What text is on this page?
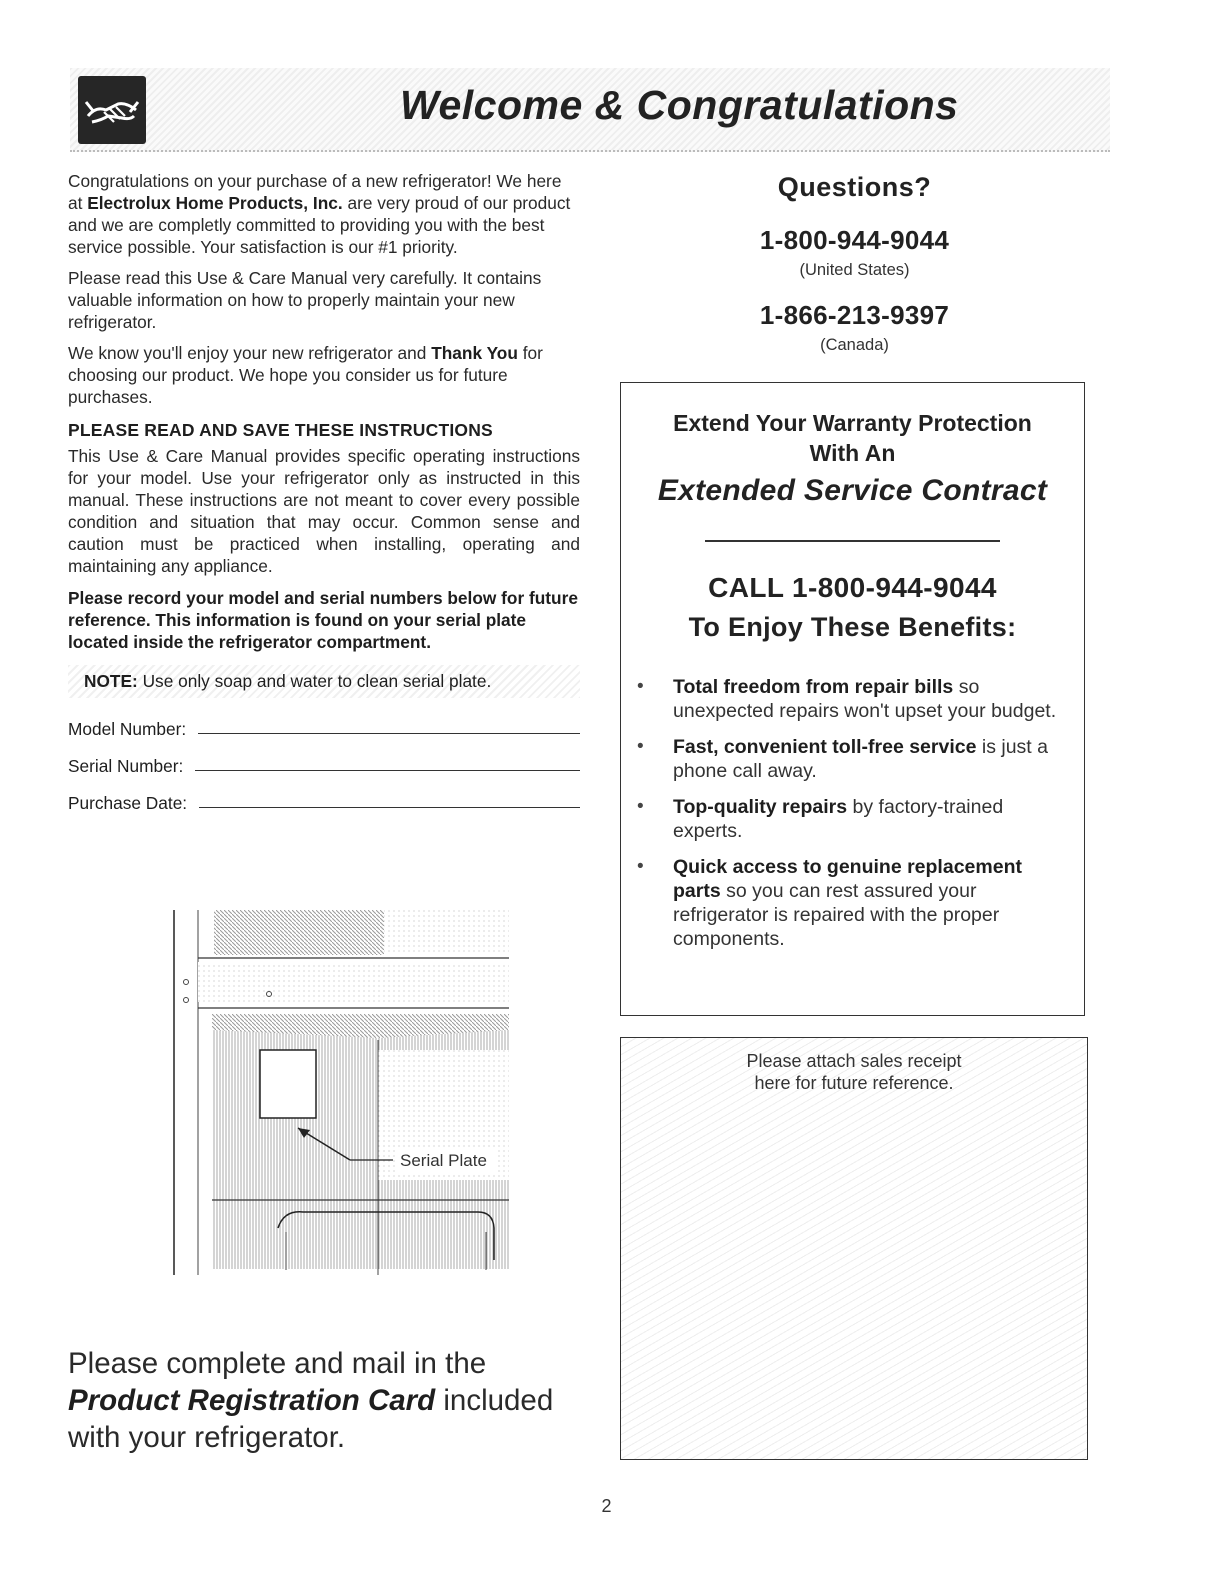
Welcome & Congratulations

Congratulations on your purchase of a new refrigerator! We here at Electrolux Home Products, Inc. are very proud of our product and we are completly committed to providing you with the best service possible. Your satisfaction is our #1 priority.

Please read this Use & Care Manual very carefully. It contains valuable information on how to properly maintain your new refrigerator.

We know you'll enjoy your new refrigerator and Thank You for choosing our product. We hope you consider us for future purchases.

PLEASE READ AND SAVE THESE INSTRUCTIONS

This Use & Care Manual provides specific operating instructions for your model. Use your refrigerator only as instructed in this manual. These instructions are not meant to cover every possible condition and situation that may occur. Common sense and caution must be practiced when installing, operating and maintaining any appliance.

Please record your model and serial numbers below for future reference. This information is found on your serial plate located inside the refrigerator compartment.
NOTE: Use only soap and water to clean serial plate.
Model Number:
Serial Number:
Purchase Date:
Serial Plate
Please complete and mail in the Product Registration Card included with your refrigerator.
Questions?
1-800-944-9044
(United States)
1-866-213-9397
(Canada)
Extend Your Warranty Protection
With An
Extended Service Contract
CALL 1-800-944-9044
To Enjoy These Benefits:
• Total freedom from repair bills so unexpected repairs won't upset your budget.
• Fast, convenient toll-free service is just a phone call away.
• Top-quality repairs by factory-trained experts.
• Quick access to genuine replacement parts so you can rest assured your refrigerator is repaired with the proper components.
Please attach sales receipt
here for future reference.
2
